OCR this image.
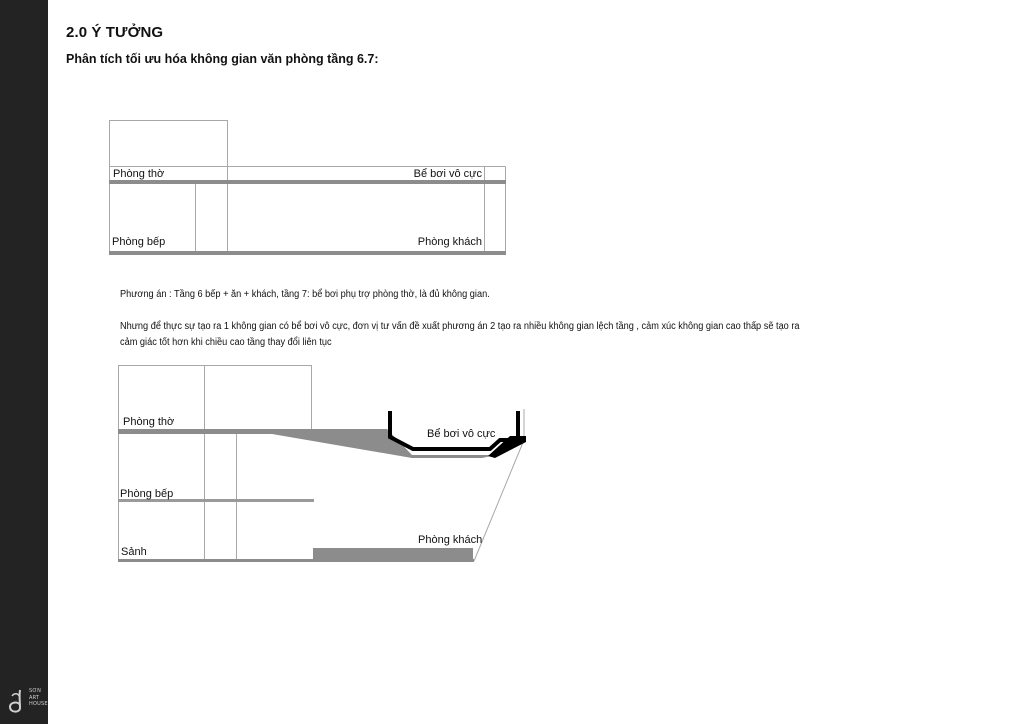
SƠN
ART
HOUSE
2.0 Ý TƯỞNG

Phân tích tối ưu hóa không gian văn phòng tầng 6.7:

Phòng thờ	Bể bơi vô cực
Phòng bếp	Phòng khách

Phương án : Tầng 6 bếp + ăn + khách, tầng 7: bể bơi phụ trợ phòng thờ, là đủ không gian.

Nhưng để thực sự tạo ra 1 không gian có bể bơi vô cực, đơn vị tư vấn đề xuất phương án 2 tạo ra nhiều không gian lệch tầng , cảm xúc không gian cao thấp sẽ tạo ra cảm giác tốt hơn khi chiều cao tầng thay đổi liên tục

Phòng thờ
Bể bơi vô cực
Phòng bếp
Phòng khách
Sảnh
